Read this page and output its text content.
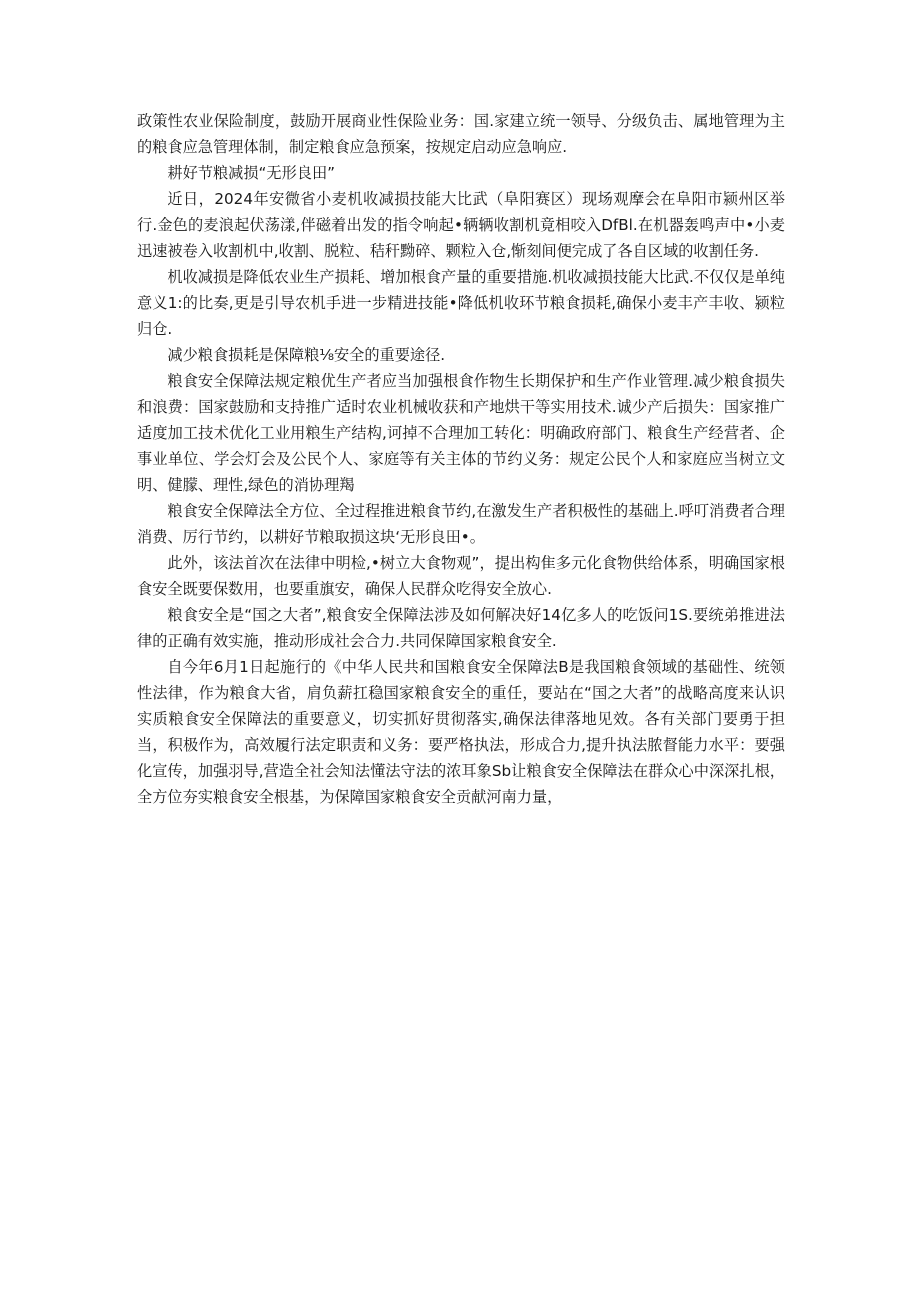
政策性农业保险制度，鼓励开展商业性保险业务：国.家建立统一领导、分级负击、属地管理为主的粮食应急管理体制，制定粮食应急预案，按规定启动应急响应.

耕好节粮减损“无形良田”

近日，2024年安微省小麦机收减损技能大比武（阜阳赛区）现场观摩会在阜阳市颍州区举行.金色的麦浪起伏荡漾,伴磁着出发的指令响起•辆辆收割机竟相咬入DfBl.在机器轰鸣声中•小麦迅速被卷入收割机中,收割、脱粒、秸秆黝碎、颗粒入仓,惭刻间便完成了各自区域的收割任务.

机收减损是降低农业生产损耗、增加根食产量的重要措施.机收减损技能大比武.不仅仅是单纯意义1:的比奏,更是引导农机手进一步精进技能•降低机收环节粮食损耗,确保小麦丰产丰收、颍粒归仓.

减少粮食损耗是保障粮⅛安全的重要途径.

粮食安全保障法规定粮优生产者应当加强根食作物生长期保护和生产作业管理.减少粮食损失和浪费：国家鼓励和支持推广适时农业机械收获和产地烘干等实用技术.诚少产后损失：国家推广适度加工技术优化工业用粮生产结构,诃掉不合理加工转化：明确政府部门、粮食生产经营者、企事业单位、学会灯会及公民个人、家庭等有关主体的节约义务：规定公民个人和家庭应当树立文明、健朦、理性,绿色的消协理羯

粮食安全保障法全方位、全过程推进粮食节约,在激发生产者积极性的基础上.呼叮消费者合理消费、厉行节约，以耕好节粮取损这块‘无形良田•。

此外，该法首次在法律中明检,•树立大食物观”，提出构隹多元化食物供给体系，明确国家根食安全既要保数用，也要重旗安，确保人民群众吃得安全放心.

粮食安全是“国之大者”,粮食安全保障法涉及如何解决好14亿多人的吃饭问1S.要统弟推进法律的正确有效实施，推动形成社会合力.共同保障国家粮食安全.

自今年6月1日起施行的《中华人民共和国粮食安全保障法B是我国粮食领域的基础性、统领性法律，作为粮食大省，肩负薪扛稳国家粮食安全的重任，要站在“国之大者”的战略高度来认识实质粮食安全保障法的重要意义，切实抓好贯彻落实,确保法律落地见效。各有关部门要勇于担当，积极作为，高效履行法定职责和义务：要严格执法，形成合力,提升执法脓督能力水平：要强化宣传，加强羽导,营造全社会知法懂法守法的浓耳象Sb让粮食安全保障法在群众心中深深扎根，全方位夯实粮食安全根基，为保障国家粮食安全贡献河南力量，
